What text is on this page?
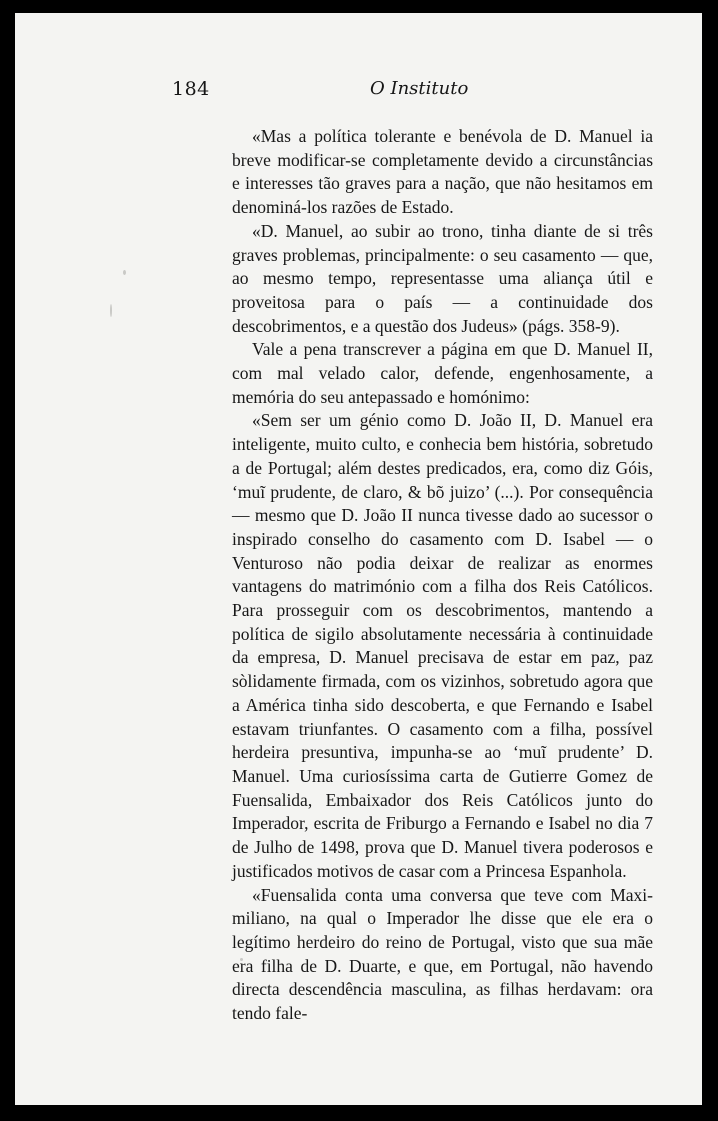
184	O Instituto

«Mas a política tolerante e benévola de D. Manuel ia breve modificar-se completamente devido a circunstâncias e interesses tão graves para a nação, que não hesitamos em denominá-los razões de Estado.

«D. Manuel, ao subir ao trono, tinha diante de si três graves problemas, principalmente: o seu casamento — que, ao mesmo tempo, representasse uma aliança útil e proveitosa para o país — a continuidade dos descobrimentos, e a questão dos Judeus» (págs. 358-9).

Vale a pena transcrever a página em que D. Manuel II, com mal velado calor, defende, engenhosamente, a memória do seu antepassado e homónimo:

«Sem ser um génio como D. João II, D. Manuel era inteligente, muito culto, e conhecia bem história, sobretudo a de Portugal; além destes predicados, era, como diz Góis, ‘muĩ prudente, de claro, & bõ juizo’ (...). Por consequência — mesmo que D. João II nunca tivesse dado ao sucessor o inspirado conselho do casamento com D. Isabel — o Venturoso não podia deixar de realizar as enormes vantagens do matrimónio com a filha dos Reis Católicos. Para prosseguir com os descobrimentos, mantendo a política de sigilo absolutamente necessária à continuidade da empresa, D. Manuel precisava de estar em paz, paz sòlidamente firmada, com os vizinhos, sobretudo agora que a América tinha sido descoberta, e que Fernando e Isabel estavam triunfantes. O casamento com a filha, possível herdeira presuntiva, impunha-se ao ‘muĩ prudente’ D. Manuel. Uma curiosíssima carta de Gutierre Gomez de Fuensalida, Embaixador dos Reis Católicos junto do Imperador, escrita de Friburgo a Fernando e Isabel no dia 7 de Julho de 1498, prova que D. Manuel tivera poderosos e justificados motivos de casar com a Princesa Espanhola.

«Fuensalida conta uma conversa que teve com Maximiliano, na qual o Imperador lhe disse que ele era o legítimo herdeiro do reino de Portugal, visto que sua mãe era filha de D. Duarte, e que, em Portugal, não havendo directa descendência masculina, as filhas herdavam: ora tendo fale-
